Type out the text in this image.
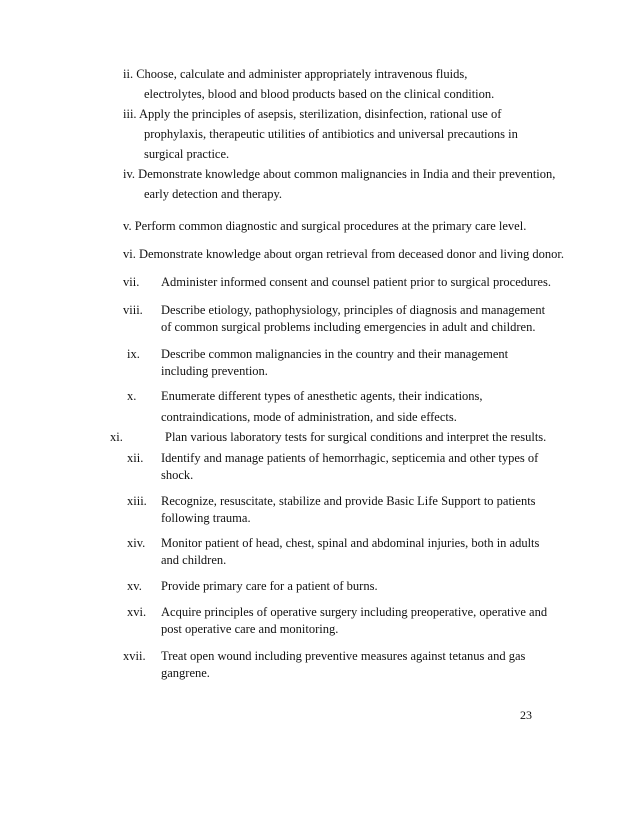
ii. Choose, calculate and administer appropriately intravenous fluids,
electrolytes, blood and blood products based on the clinical condition.
iii. Apply the principles of asepsis, sterilization, disinfection, rational use of
prophylaxis, therapeutic utilities of antibiotics and universal precautions in
surgical practice.
iv. Demonstrate knowledge about common malignancies in India and their prevention,
early detection and therapy.
v. Perform common diagnostic and surgical procedures at the primary care level.
vi. Demonstrate knowledge about organ retrieval from deceased donor and living donor.
vii. Administer informed consent and counsel patient prior to surgical procedures.
viii. Describe etiology, pathophysiology, principles of diagnosis and management
of common surgical problems including emergencies in adult and children.
ix. Describe common malignancies in the country and their management
including prevention.
x. Enumerate different types of anesthetic agents, their indications,
contraindications, mode of administration, and side effects.
xi.	Plan various laboratory tests for surgical conditions and interpret the results.
xii. Identify and manage patients of hemorrhagic, septicemia and other types of
shock.
xiii. Recognize, resuscitate, stabilize and provide Basic Life Support to patients
following trauma.
xiv. Monitor patient of head, chest, spinal and abdominal injuries, both in adults
and children.
xv. Provide primary care for a patient of burns.
xvi. Acquire principles of operative surgery including preoperative, operative and
post operative care and monitoring.
xvii. Treat open wound including preventive measures against tetanus and gas
gangrene.
23
